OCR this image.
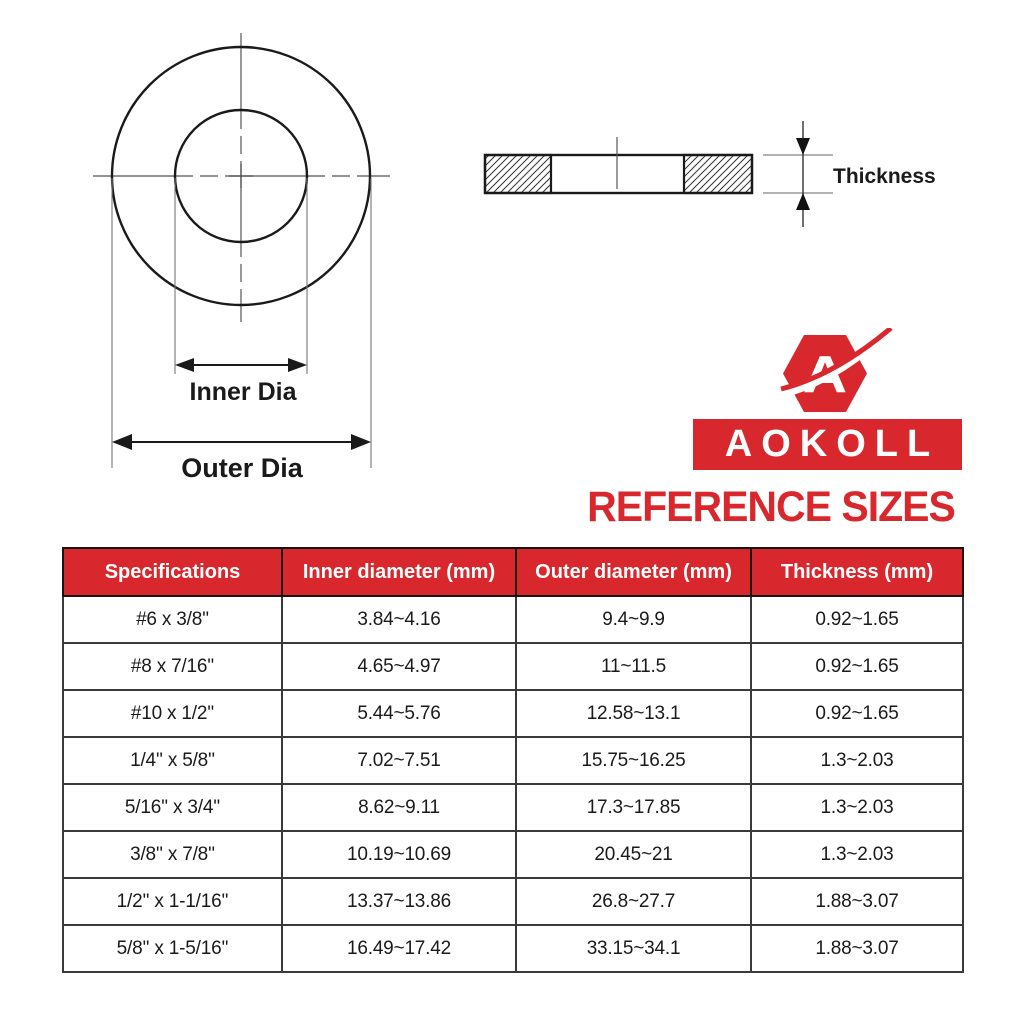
Inner Dia
Outer Dia
Thickness
A
AOKOLL
REFERENCE SIZES
Specifications	Inner diameter (mm)	Outer diameter (mm)	Thickness (mm)
#6 x 3/8''	3.84~4.16	9.4~9.9	0.92~1.65
#8 x 7/16''	4.65~4.97	11~11.5	0.92~1.65
#10 x 1/2''	5.44~5.76	12.58~13.1	0.92~1.65
1/4'' x 5/8''	7.02~7.51	15.75~16.25	1.3~2.03
5/16'' x 3/4''	8.62~9.11	17.3~17.85	1.3~2.03
3/8'' x 7/8''	10.19~10.69	20.45~21	1.3~2.03
1/2'' x 1-1/16''	13.37~13.86	26.8~27.7	1.88~3.07
5/8'' x 1-5/16''	16.49~17.42	33.15~34.1	1.88~3.07
